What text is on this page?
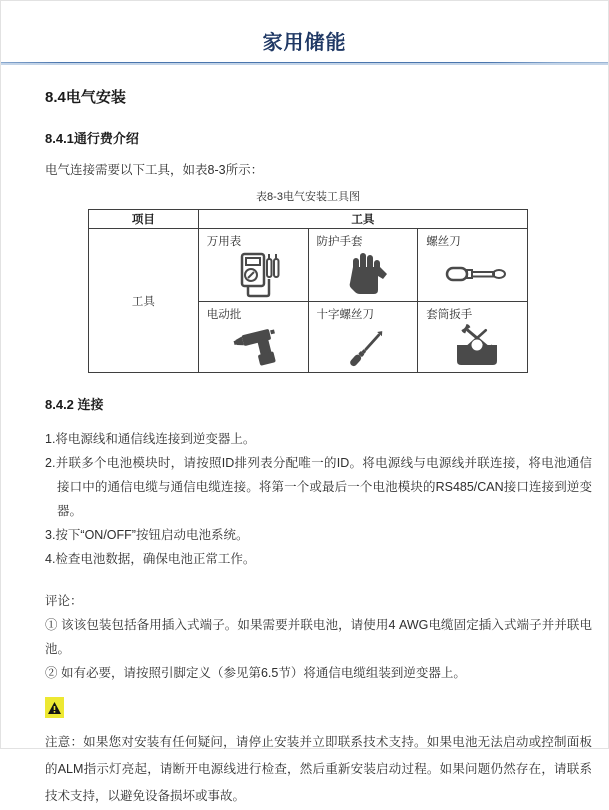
家用储能
8.4电气安装
8.4.1通行费介绍
电气连接需要以下工具，如表8-3所示：
表8-3电气安装工具图
项目	工具		
工具	万用表	防护手套	螺丝刀

	电动批	十字螺丝刀	套筒扳手
8.4.2 连接
1.将电源线和通信线连接到逆变器上。
2.并联多个电池模块时，请按照ID排列表分配唯一的ID。将电源线与电源线并联连接，将电池通信接口中的通信电缆与通信电缆连接。将第一个或最后一个电池模块的RS485/CAN接口连接到逆变器。
3.按下“ON/OFF”按钮启动电池系统。
4.检查电池数据，确保电池正常工作。
评论：
① 该该包装包括备用插入式端子。如果需要并联电池，请使用4 AWG电缆固定插入式端子并并联电池。
② 如有必要，请按照引脚定义（参见第6.5节）将通信电缆组装到逆变器上。
注意：如果您对安装有任何疑问，请停止安装并立即联系技术支持。如果电池无法启动或控制面板的ALM指示灯亮起，请断开电源线进行检查，然后重新安装启动过程。如果问题仍然存在，请联系技术支持，以避免设备损坏或事故。
